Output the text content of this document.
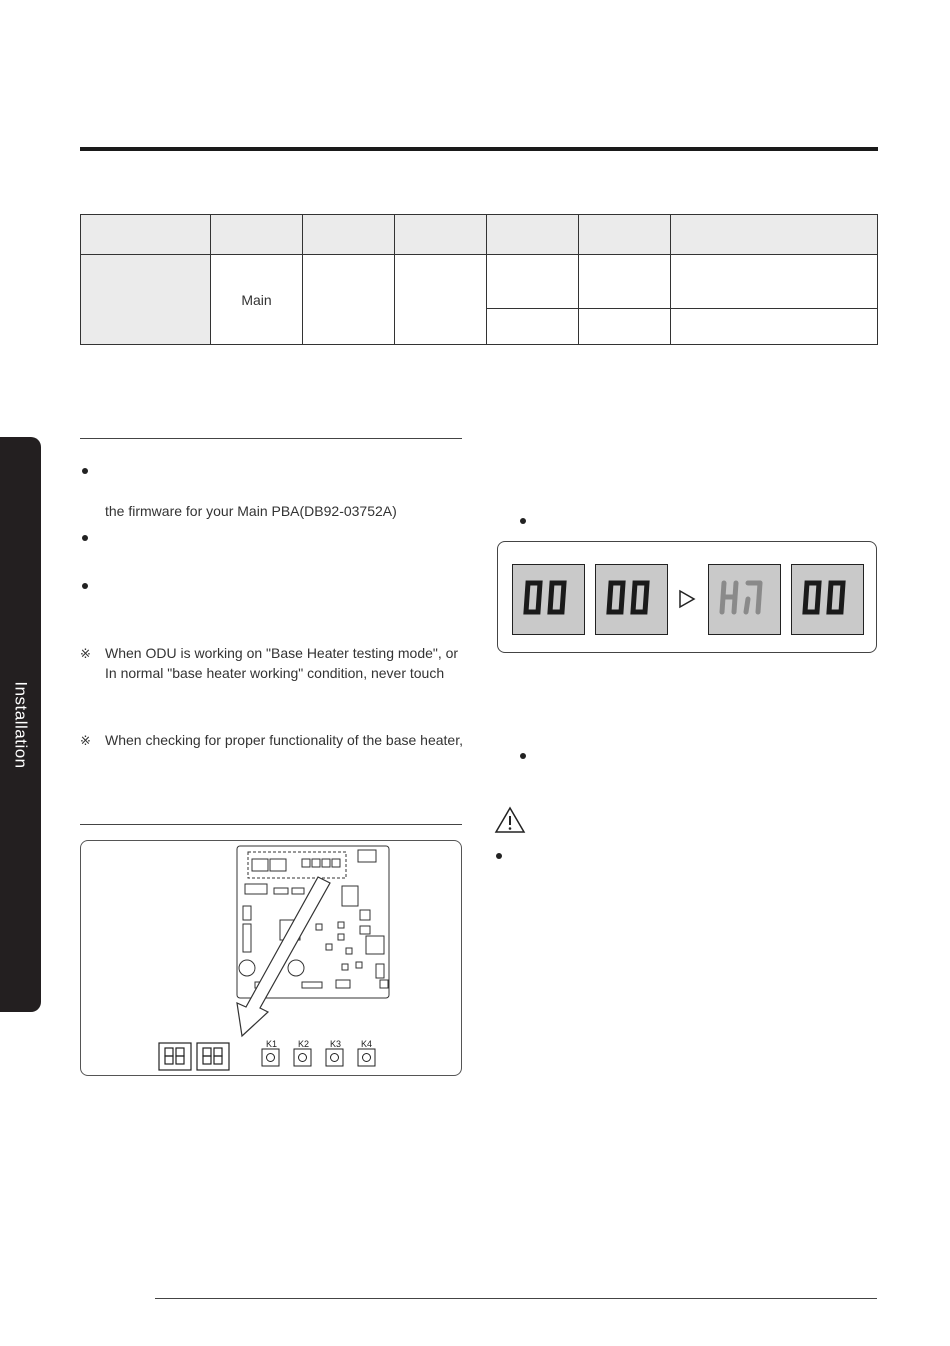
Installation

	Main					

the firmware for your Main PBA(DB92-03752A)
※ When ODU is working on "Base Heater testing mode", or
In normal "base heater working" condition, never touch
※ When checking for proper functionality of the base heater,
K1 K2 K3 K4
